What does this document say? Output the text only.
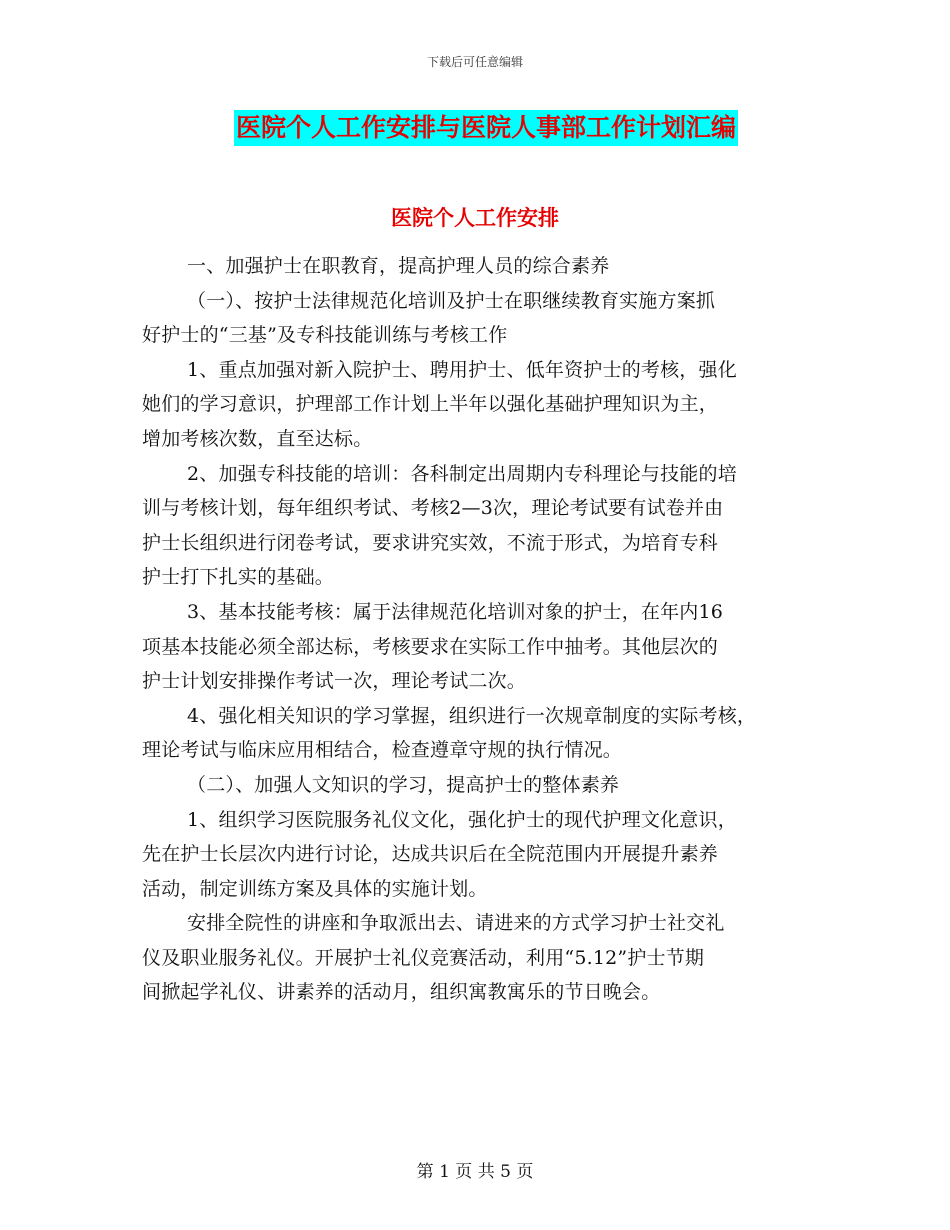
下载后可任意编辑
医院个人工作安排与医院人事部工作计划汇编
医院个人工作安排
一、加强护士在职教育，提高护理人员的综合素养
（一）、按护士法律规范化培训及护士在职继续教育实施方案抓
好护士的“三基”及专科技能训练与考核工作
1、重点加强对新入院护士、聘用护士、低年资护士的考核，强化
她们的学习意识，护理部工作计划上半年以强化基础护理知识为主，
增加考核次数，直至达标。
2、加强专科技能的培训：各科制定出周期内专科理论与技能的培
训与考核计划，每年组织考试、考核2—3次，理论考试要有试卷并由
护士长组织进行闭卷考试，要求讲究实效，不流于形式，为培育专科
护士打下扎实的基础。
3、基本技能考核：属于法律规范化培训对象的护士，在年内16
项基本技能必须全部达标，考核要求在实际工作中抽考。其他层次的
护士计划安排操作考试一次，理论考试二次。
4、强化相关知识的学习掌握，组织进行一次规章制度的实际考核，
理论考试与临床应用相结合，检查遵章守规的执行情况。
（二）、加强人文知识的学习，提高护士的整体素养
1、组织学习医院服务礼仪文化，强化护士的现代护理文化意识，
先在护士长层次内进行讨论，达成共识后在全院范围内开展提升素养
活动，制定训练方案及具体的实施计划。
安排全院性的讲座和争取派出去、请进来的方式学习护士社交礼
仪及职业服务礼仪。开展护士礼仪竞赛活动，利用“5.12”护士节期
间掀起学礼仪、讲素养的活动月，组织寓教寓乐的节日晚会。
第 1 页 共 5 页
